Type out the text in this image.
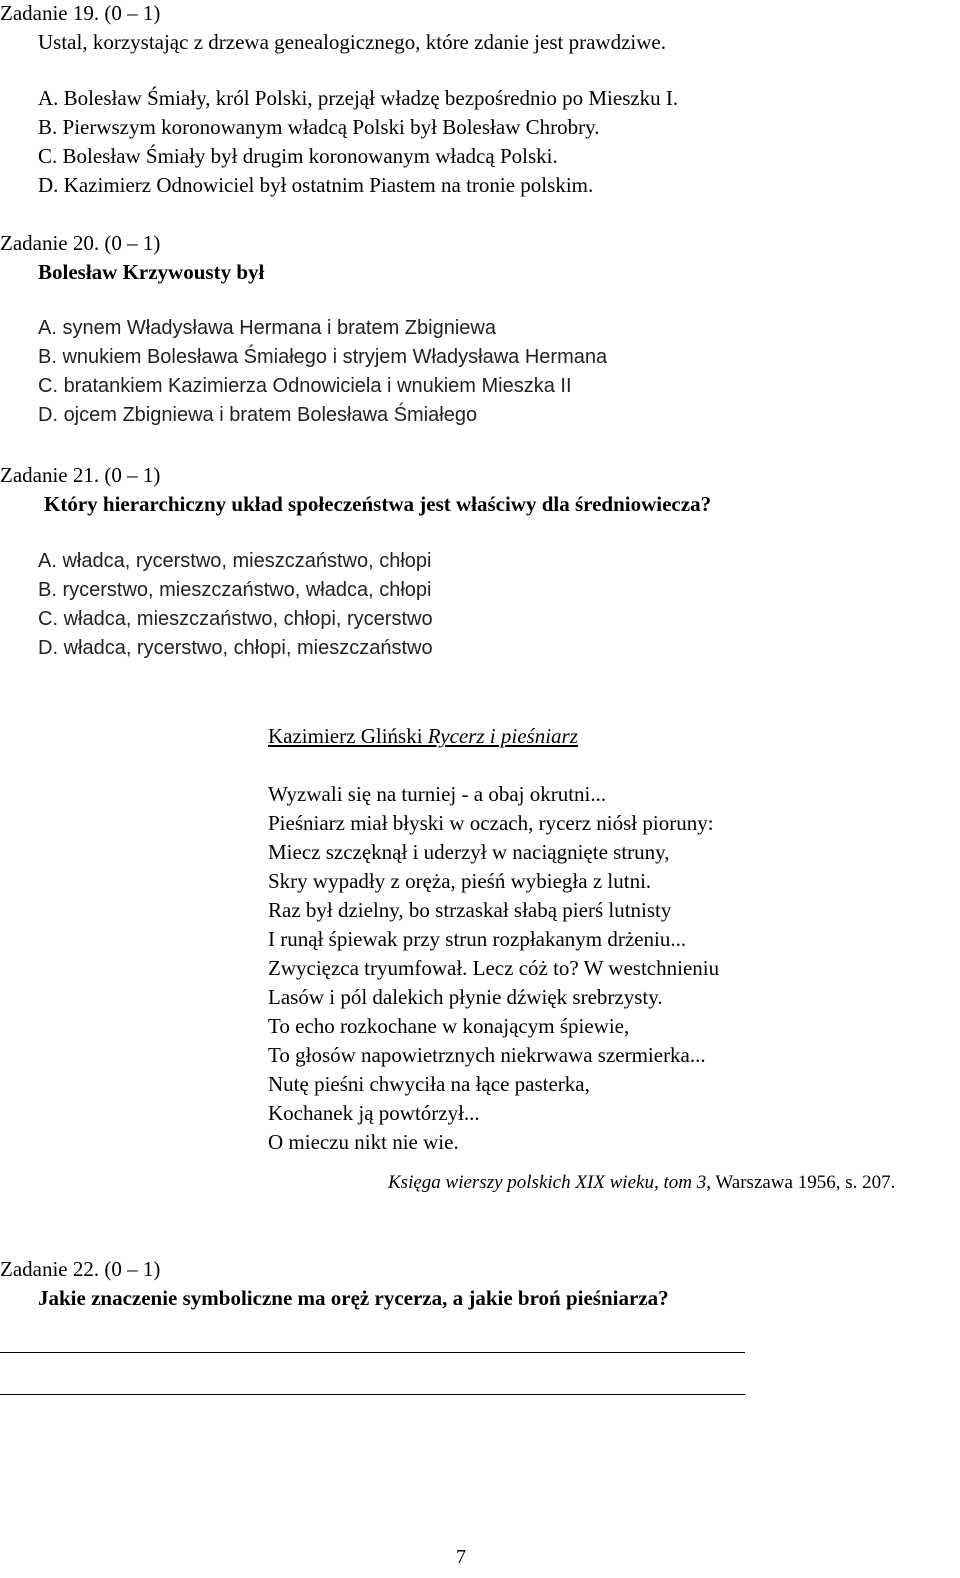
Zadanie 19. (0 – 1)
Ustal, korzystając z drzewa genealogicznego, które zdanie jest prawdziwe.
A. Bolesław Śmiały, król Polski, przejął władzę bezpośrednio po Mieszku I.
B. Pierwszym koronowanym władcą Polski był Bolesław Chrobry.
C. Bolesław Śmiały był drugim koronowanym władcą Polski.
D. Kazimierz Odnowiciel był ostatnim Piastem na tronie polskim.
Zadanie 20. (0 – 1)
Bolesław Krzywousty był
A. synem Władysława Hermana i bratem Zbigniewa
B. wnukiem Bolesława Śmiałego i stryjem Władysława Hermana
C. bratankiem Kazimierza Odnowiciela i wnukiem Mieszka II
D. ojcem Zbigniewa i bratem Bolesława Śmiałego
Zadanie 21. (0 – 1)
Który hierarchiczny układ społeczeństwa jest właściwy dla średniowiecza?
A. władca, rycerstwo, mieszczaństwo, chłopi
B. rycerstwo, mieszczaństwo, władca, chłopi
C. władca, mieszczaństwo, chłopi, rycerstwo
D. władca, rycerstwo, chłopi, mieszczaństwo
Kazimierz Gliński Rycerz i pieśniarz
Wyzwali się na turniej - a obaj okrutni...
Pieśniarz miał błyski w oczach, rycerz niósł pioruny:
Miecz szczęknął i uderzył w naciągnięte struny,
Skry wypadły z oręża, pieśń wybiegła z lutni.
Raz był dzielny, bo strzaskał słabą pierś lutnisty
I runął śpiewak przy strun rozpłakanym drżeniu...
Zwycięzca tryumfował. Lecz cóż to? W westchnieniu
Lasów i pól dalekich płynie dźwięk srebrzysty.
To echo rozkochane w konającym śpiewie,
To głosów napowietrznych niekrwawa szermierka...
Nutę pieśni chwyciła na łące pasterka,
Kochanek ją powtórzył...
O mieczu nikt nie wie.
Księga wierszy polskich XIX wieku, tom 3, Warszawa 1956, s. 207.
Zadanie 22. (0 – 1)
Jakie znaczenie symboliczne ma oręż rycerza, a jakie broń pieśniarza?
7
